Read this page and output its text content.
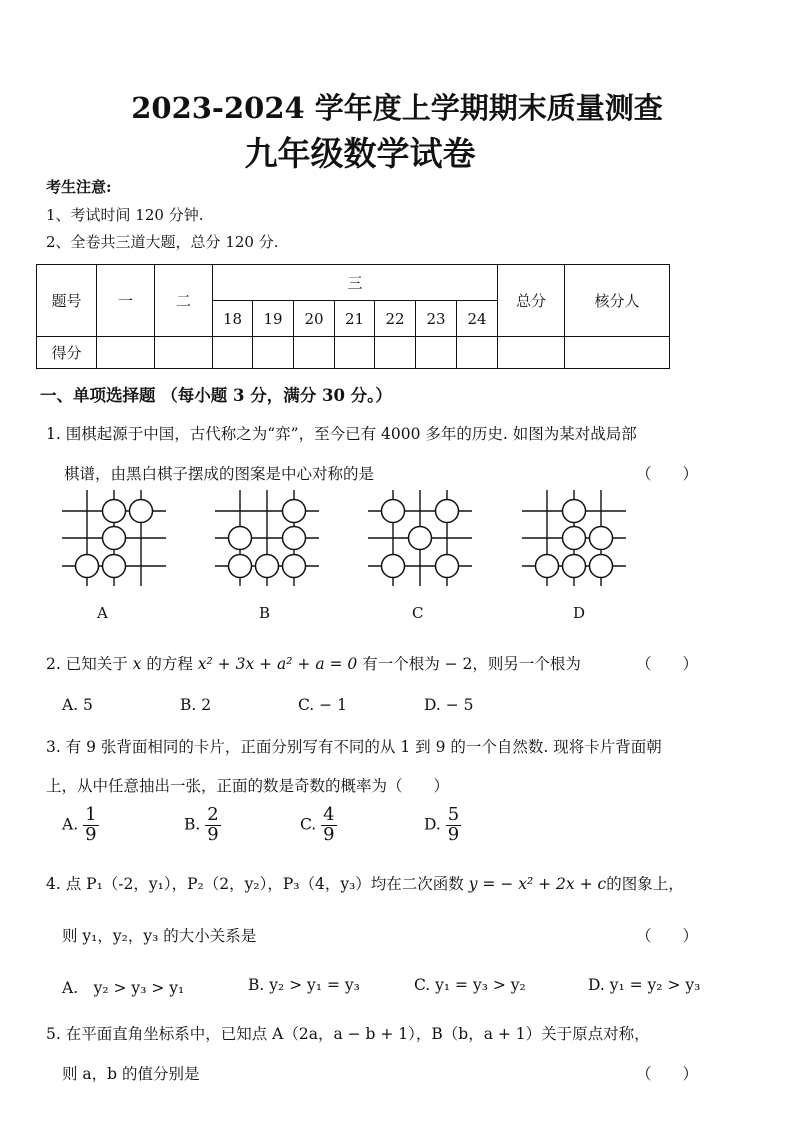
2023-2024 学年度上学期期末质量测查
九年级数学试卷
考生注意:
1、考试时间 120 分钟.
2、全卷共三道大题，总分 120 分.
题号	一	二	三							总分	核分人
			18	19	20	21	22	23	24		
得分											
一、单项选择题 （每小题 3 分，满分 30 分。）
1. 围棋起源于中国，古代称之为“弈”，至今已有 4000 多年的历史. 如图为某对战局部
棋谱，由黑白棋子摆成的图案是中心对称的是	（　　）
A	B	C	D
2. 已知关于 x 的方程 x² + 3x + a² + a = 0 有一个根为 − 2，则另一个根为	（　　）
A. 5	B. 2	C. − 1	D. − 5
3. 有 9 张背面相同的卡片，正面分别写有不同的从 1 到 9 的一个自然数. 现将卡片背面朝
上，从中任意抽出一张，正面的数是奇数的概率为（　　）
A. $\frac{1}{9}$	B. $\frac{2}{9}$	C. $\frac{4}{9}$	D. $\frac{5}{9}$
4. 点 P₁（-2，y₁），P₂（2，y₂），P₃（4，y₃）均在二次函数 y = − x² + 2x + c的图象上，
则 y₁，y₂，y₃ 的大小关系是	（　　）
A.　y₂ > y₃ > y₁	B. y₂ > y₁ = y₃	C. y₁ = y₃ > y₂	D. y₁ = y₂ > y₃
5. 在平面直角坐标系中，已知点 A（2a，a − b + 1），B（b，a + 1）关于原点对称，
则 a，b 的值分别是	（　　）
